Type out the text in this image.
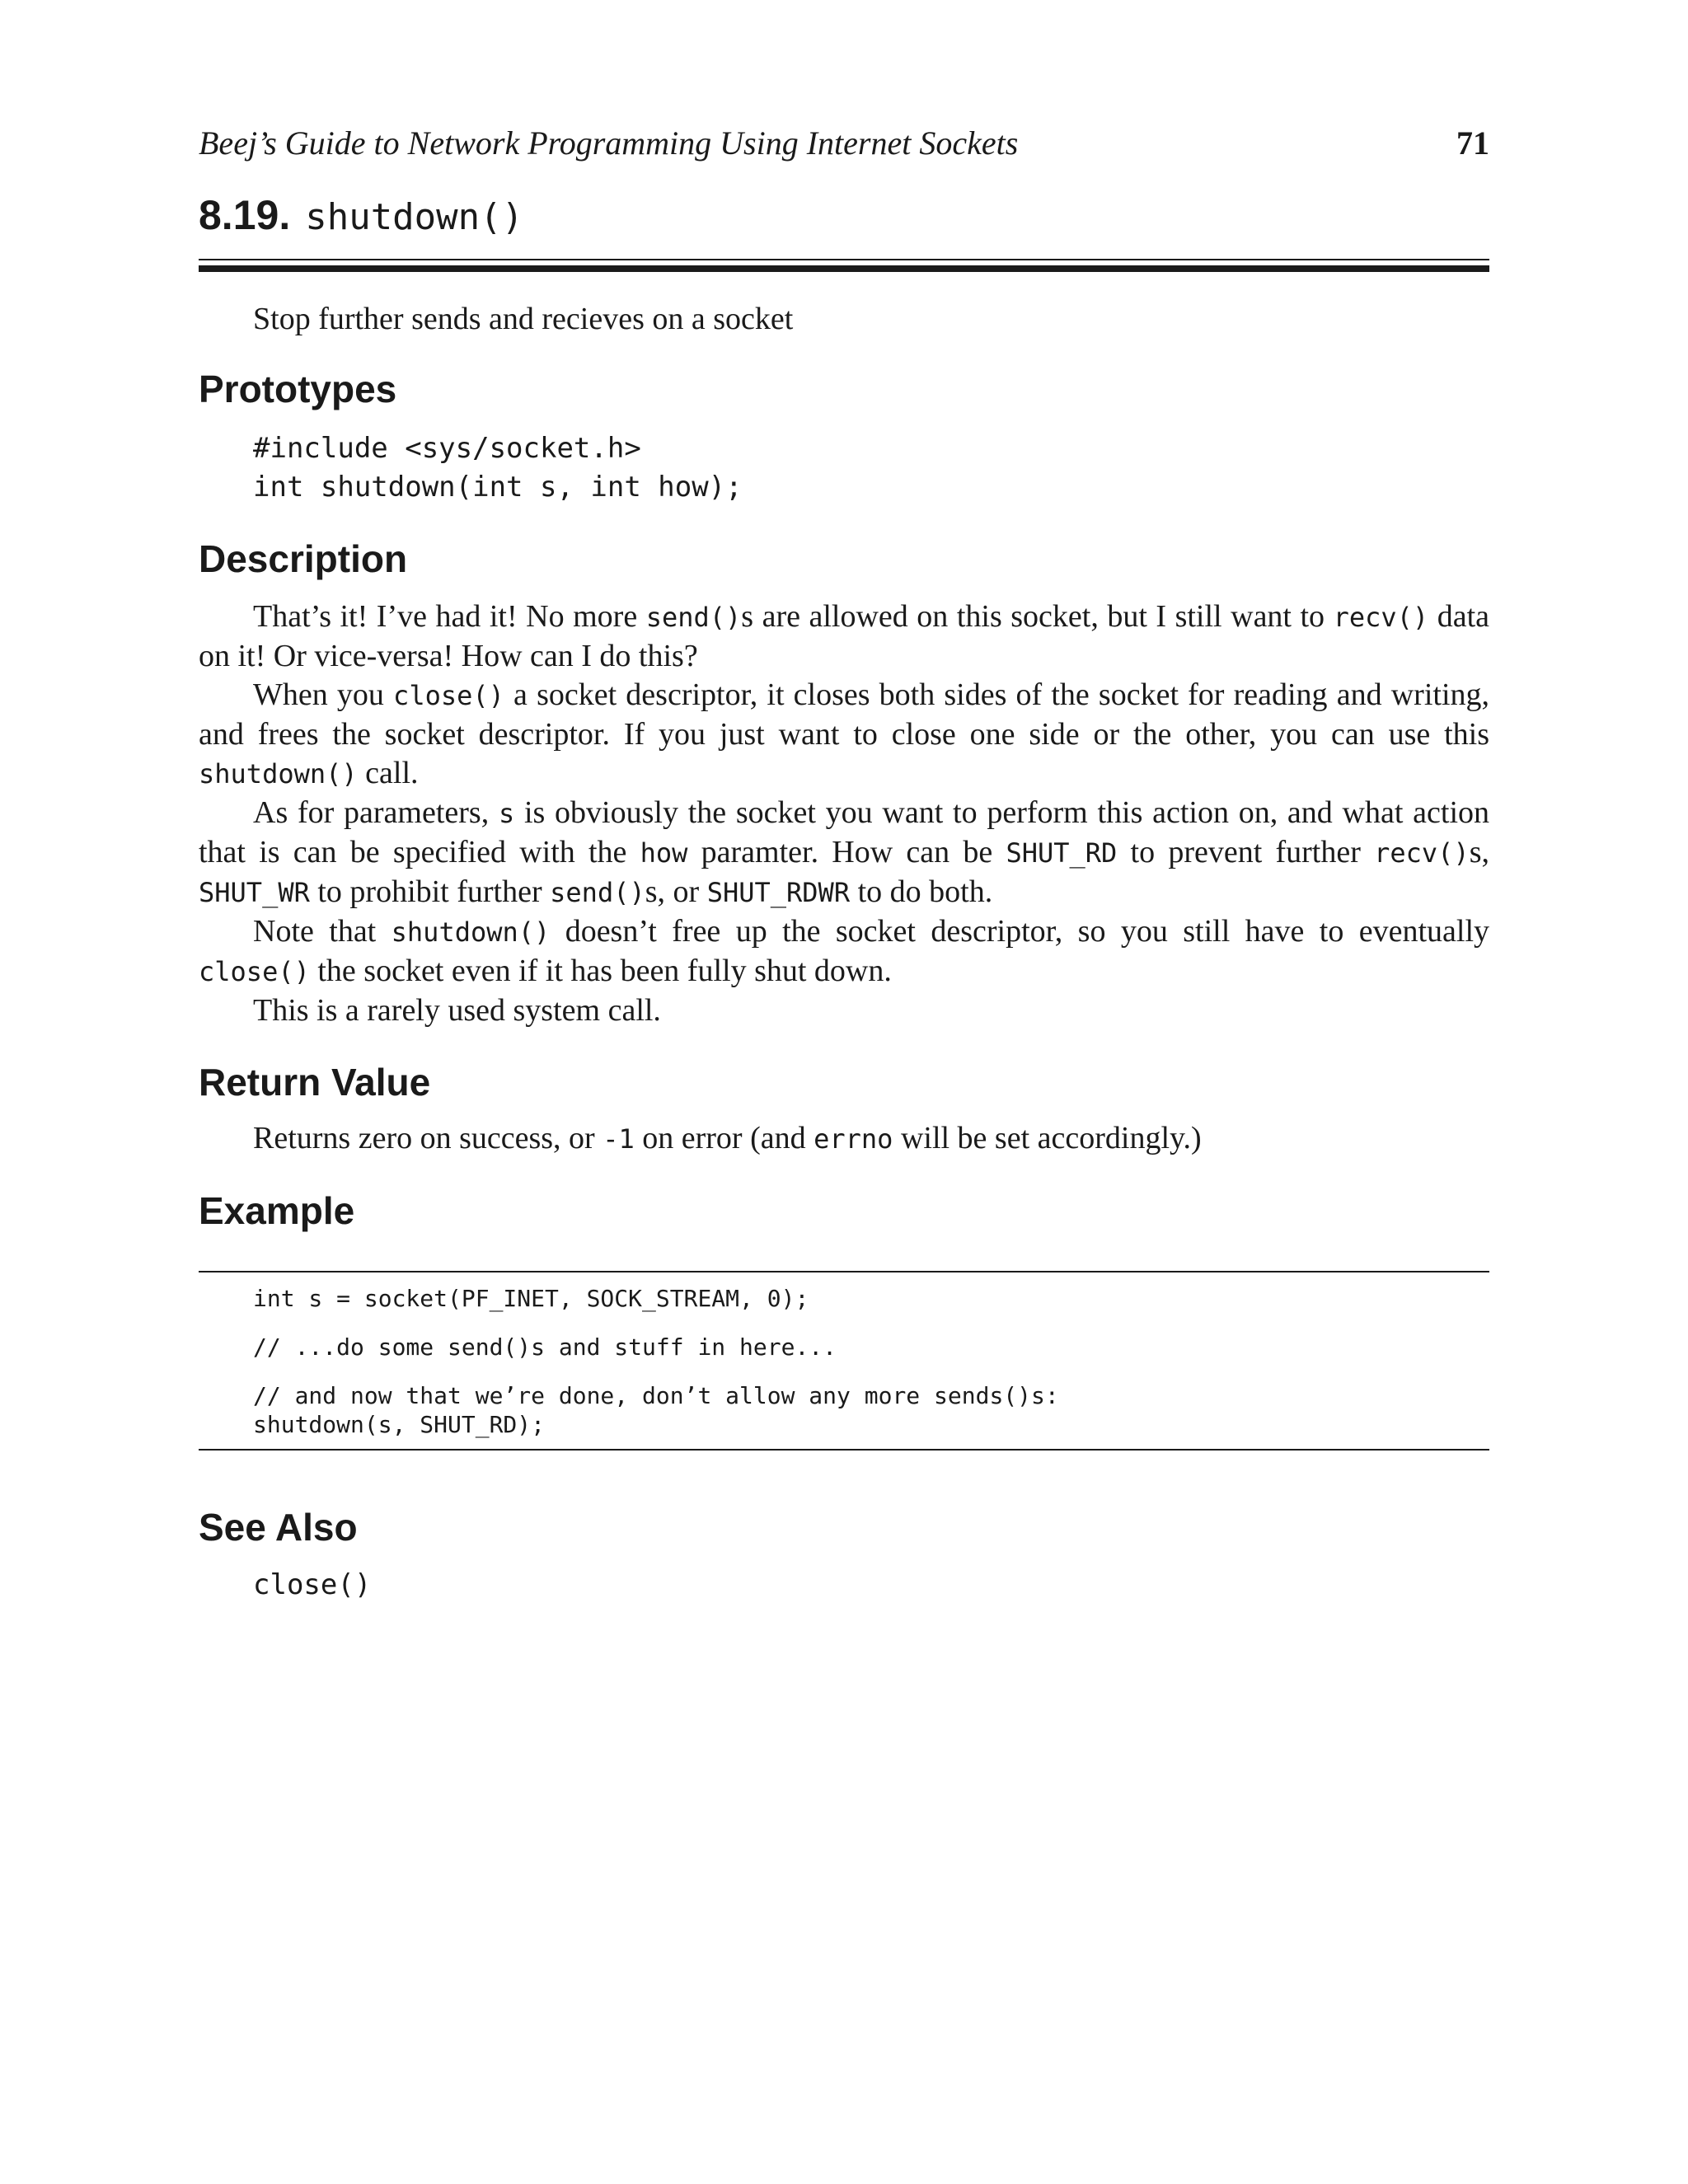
Beej’s Guide to Network Programming Using Internet Sockets	71
8.19. shutdown()

Stop further sends and recieves on a socket

Prototypes
#include <sys/socket.h>
int shutdown(int s, int how);
Description

That’s it! I’ve had it! No more send()s are allowed on this socket, but I still want to recv() data on it! Or vice-versa! How can I do this?

When you close() a socket descriptor, it closes both sides of the socket for reading and writing, and frees the socket descriptor. If you just want to close one side or the other, you can use this shutdown() call.

As for parameters, s is obviously the socket you want to perform this action on, and what action that is can be specified with the how paramter. How can be SHUT_RD to prevent further recv()s, SHUT_WR to prohibit further send()s, or SHUT_RDWR to do both.

Note that shutdown() doesn’t free up the socket descriptor, so you still have to eventually close() the socket even if it has been fully shut down.

This is a rarely used system call.

Return Value

Returns zero on success, or -1 on error (and errno will be set accordingly.)

Example

int s = socket(PF_INET, SOCK_STREAM, 0);

// ...do some send()s and stuff in here...

// and now that we’re done, don’t allow any more sends()s:

shutdown(s, SHUT_RD);

See Also
close()
